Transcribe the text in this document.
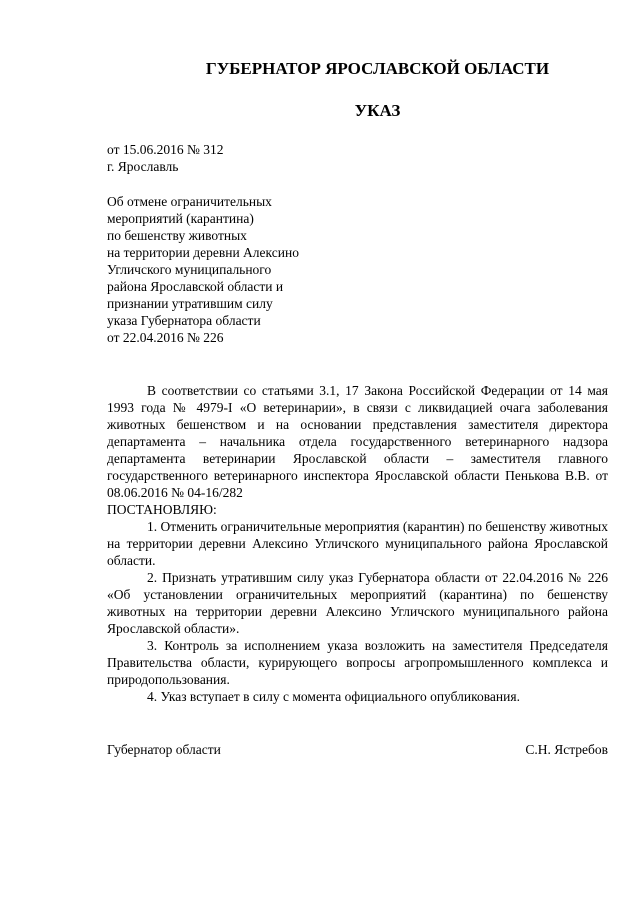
ГУБЕРНАТОР ЯРОСЛАВСКОЙ ОБЛАСТИ
УКАЗ
от 15.06.2016 № 312
г. Ярославль
Об отмене ограничительных
мероприятий (карантина)
по бешенству животных
на территории деревни Алексино
Угличского муниципального
района Ярославской области и
признании утратившим силу
указа Губернатора области
от 22.04.2016 № 226

В соответствии со статьями 3.1, 17 Закона Российской Федерации от 14 мая 1993 года № 4979-I «О ветеринарии», в связи с ликвидацией очага заболевания животных бешенством и на основании представления заместителя директора департамента – начальника отдела государственного ветеринарного надзора департамента ветеринарии Ярославской области – заместителя главного государственного ветеринарного инспектора Ярославской области Пенькова В.В. от 08.06.2016 № 04-16/282

ПОСТАНОВЛЯЮ:

1. Отменить ограничительные мероприятия (карантин) по бешенству животных на территории деревни Алексино Угличского муниципального района Ярославской области.

2. Признать утратившим силу указ Губернатора области от 22.04.2016 № 226 «Об установлении ограничительных мероприятий (карантина) по бешенству животных на территории деревни Алексино Угличского муниципального района Ярославской области».

3. Контроль за исполнением указа возложить на заместителя Председателя Правительства области, курирующего вопросы агропромышленного комплекса и природопользования.

4. Указ вступает в силу с момента официального опубликования.

Губернатор области	С.Н. Ястребов
